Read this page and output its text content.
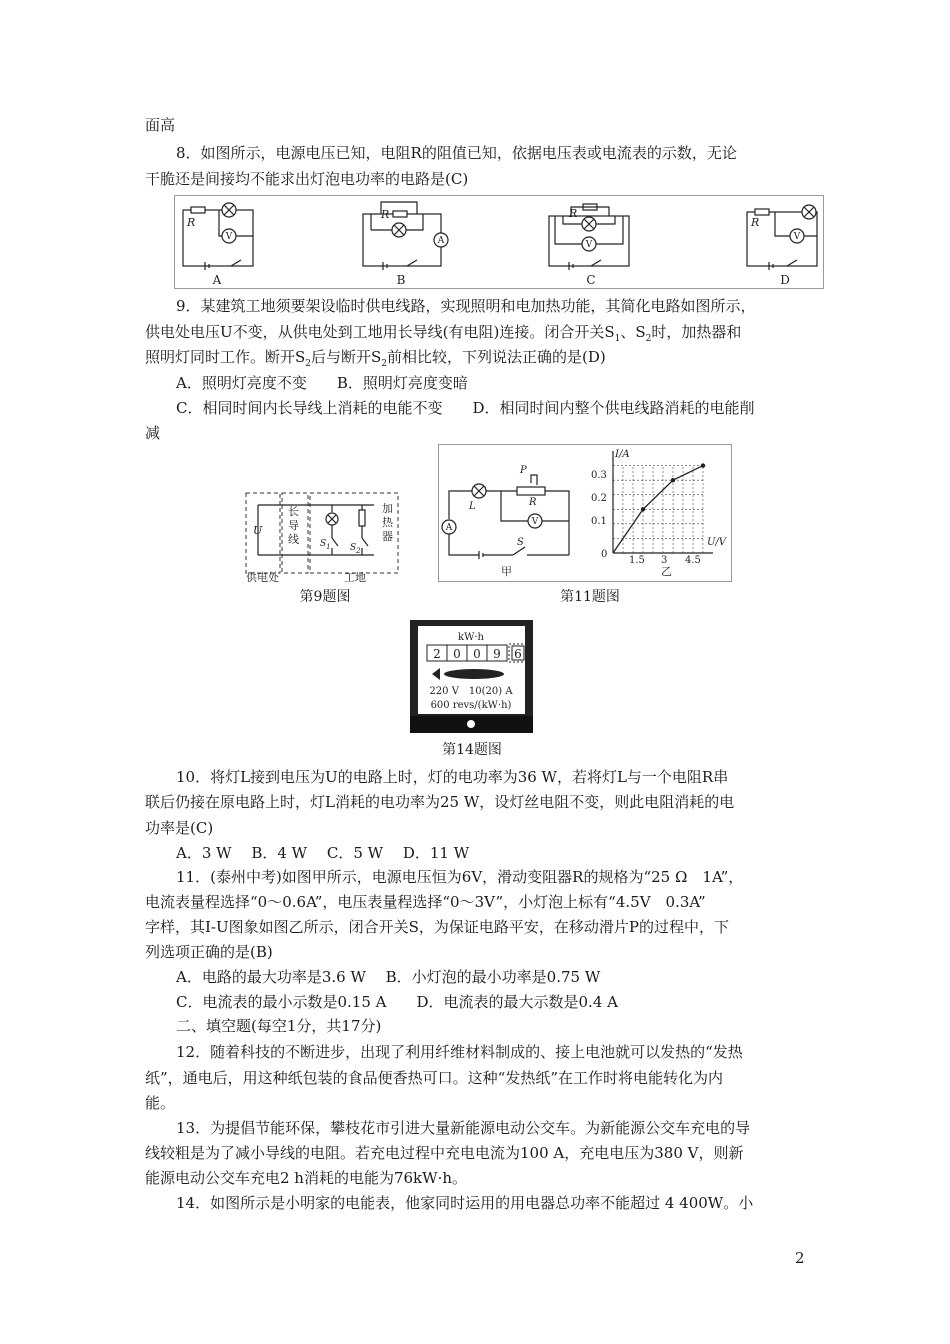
面高
8．如图所示，电源电压已知，电阻R的阻值已知，依据电压表或电流表的示数，无论
干脆还是间接均不能求出灯泡电功率的电路是(C)
R
R	R
R
V	A	V
V
A	B	C	D
9．某建筑工地须要架设临时供电线路，实现照明和电加热功能，其简化电路如图所示，
供电处电压U不变，从供电处到工地用长导线(有电阻)连接。闭合开关$S_1$、$S_2$时，加热器和
照明灯同时工作。断开$S_2$后与断开$S_2$前相比较，下列说法正确的是(D)
A．照明灯亮度不变　　B．照明灯亮度变暗
C．相同时间内长导线上消耗的电能不变　　D．相同时间内整个供电线路消耗的电能削
减
U
长
导
线
加
热
器
$S_1$ $S_2$
供电处	工地
第9题图
L
P
R
S
A
V
甲	乙
I/A
U/V
0
0.1
0.2
0.3
1.5 3 4.5
第11题图
kW·h
2 0 0 9 6
220 V　10(20) A
600 revs/(kW·h)
第14题图
10．将灯L接到电压为U的电路上时，灯的电功率为36 W，若将灯L与一个电阻R串
联后仍接在原电路上时，灯L消耗的电功率为25 W，设灯丝电阻不变，则此电阻消耗的电
功率是(C)
A．3 W　 B．4 W　 C．5 W　 D．11 W
11．(泰州中考)如图甲所示，电源电压恒为6V，滑动变阻器R的规格为“25 Ω　1A”，
电流表量程选择“0～0.6A”，电压表量程选择“0～3V”，小灯泡上标有“4.5V　0.3A”
字样，其I-U图象如图乙所示，闭合开关S，为保证电路平安，在移动滑片P的过程中，下
列选项正确的是(B)
A．电路的最大功率是3.6 W　 B．小灯泡的最小功率是0.75 W
C．电流表的最小示数是0.15 A　　D．电流表的最大示数是0.4 A
二、填空题(每空1分，共17分)
12．随着科技的不断进步，出现了利用纤维材料制成的、接上电池就可以发热的“发热
纸”，通电后，用这种纸包装的食品便香热可口。这种“发热纸”在工作时将电能转化为内
能。
13．为提倡节能环保，攀枝花市引进大量新能源电动公交车。为新能源公交车充电的导
线较粗是为了减小导线的电阻。若充电过程中充电电流为100 A，充电电压为380 V，则新
能源电动公交车充电2 h消耗的电能为76kW·h。
14．如图所示是小明家的电能表，他家同时运用的用电器总功率不能超过 4 400W。小
2
